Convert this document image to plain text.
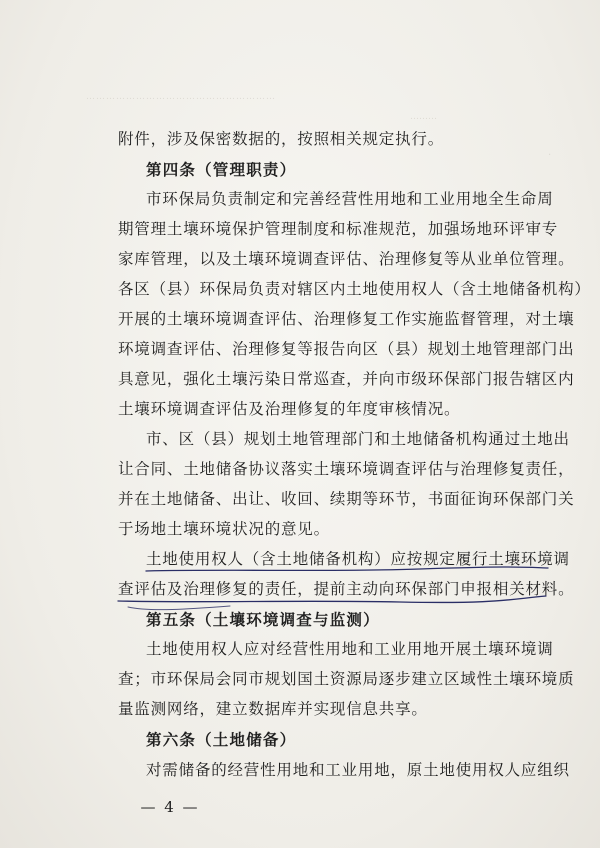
…………………………………………………
………
·
附件，涉及保密数据的，按照相关规定执行。
第四条（管理职责）
市环保局负责制定和完善经营性用地和工业用地全生命周
期管理土壤环境保护管理制度和标准规范，加强场地环评审专
家库管理，以及土壤环境调查评估、治理修复等从业单位管理。
各区（县）环保局负责对辖区内土地使用权人（含土地储备机构）
开展的土壤环境调查评估、治理修复工作实施监督管理，对土壤
环境调查评估、治理修复等报告向区（县）规划土地管理部门出
具意见，强化土壤污染日常巡查，并向市级环保部门报告辖区内
土壤环境调查评估及治理修复的年度审核情况。
市、区（县）规划土地管理部门和土地储备机构通过土地出
让合同、土地储备协议落实土壤环境调查评估与治理修复责任，
并在土地储备、出让、收回、续期等环节，书面征询环保部门关
于场地土壤环境状况的意见。
土地使用权人（含土地储备机构）应按规定履行土壤环境调
查评估及治理修复的责任，提前主动向环保部门申报相关材料。
第五条（土壤环境调查与监测）
土地使用权人应对经营性用地和工业用地开展土壤环境调
查；市环保局会同市规划国土资源局逐步建立区域性土壤环境质
量监测网络，建立数据库并实现信息共享。
第六条（土地储备）
对需储备的经营性用地和工业用地，原土地使用权人应组织
— 4 —
